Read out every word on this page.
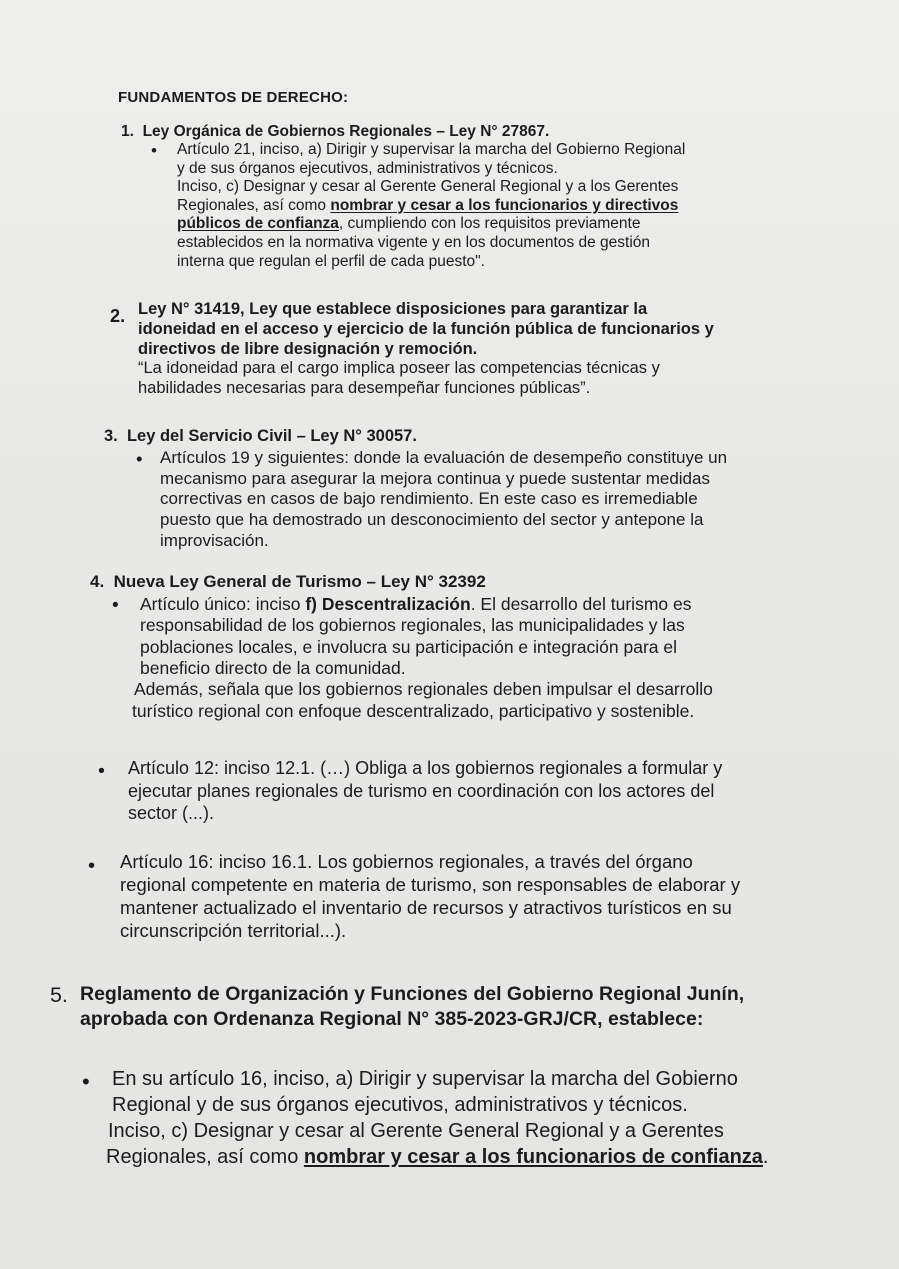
FUNDAMENTOS DE DERECHO:
1. Ley Orgánica de Gobiernos Regionales – Ley N° 27867.
• Artículo 21, inciso, a) Dirigir y supervisar la marcha del Gobierno Regional
y de sus órganos ejecutivos, administrativos y técnicos.
Inciso, c) Designar y cesar al Gerente General Regional y a los Gerentes
Regionales, así como nombrar y cesar a los funcionarios y directivos
públicos de confianza, cumpliendo con los requisitos previamente
establecidos en la normativa vigente y en los documentos de gestión
interna que regulan el perfil de cada puesto".
2. Ley N° 31419, Ley que establece disposiciones para garantizar la
idoneidad en el acceso y ejercicio de la función pública de funcionarios y
directivos de libre designación y remoción.
“La idoneidad para el cargo implica poseer las competencias técnicas y
habilidades necesarias para desempeñar funciones públicas”.
3. Ley del Servicio Civil – Ley N° 30057.
• Artículos 19 y siguientes: donde la evaluación de desempeño constituye un
mecanismo para asegurar la mejora continua y puede sustentar medidas
correctivas en casos de bajo rendimiento. En este caso es irremediable
puesto que ha demostrado un desconocimiento del sector y antepone la
improvisación.
4. Nueva Ley General de Turismo – Ley N° 32392
• Artículo único: inciso f) Descentralización. El desarrollo del turismo es
responsabilidad de los gobiernos regionales, las municipalidades y las
poblaciones locales, e involucra su participación e integración para el
beneficio directo de la comunidad.
Además, señala que los gobiernos regionales deben impulsar el desarrollo
turístico regional con enfoque descentralizado, participativo y sostenible.
• Artículo 12: inciso 12.1. (…) Obliga a los gobiernos regionales a formular y
ejecutar planes regionales de turismo en coordinación con los actores del
sector (...).
• Artículo 16: inciso 16.1. Los gobiernos regionales, a través del órgano
regional competente en materia de turismo, son responsables de elaborar y
mantener actualizado el inventario de recursos y atractivos turísticos en su
circunscripción territorial...).
5. Reglamento de Organización y Funciones del Gobierno Regional Junín,
aprobada con Ordenanza Regional N° 385-2023-GRJ/CR, establece:
• En su artículo 16, inciso, a) Dirigir y supervisar la marcha del Gobierno
Regional y de sus órganos ejecutivos, administrativos y técnicos.
Inciso, c) Designar y cesar al Gerente General Regional y a Gerentes
Regionales, así como nombrar y cesar a los funcionarios de confianza.
